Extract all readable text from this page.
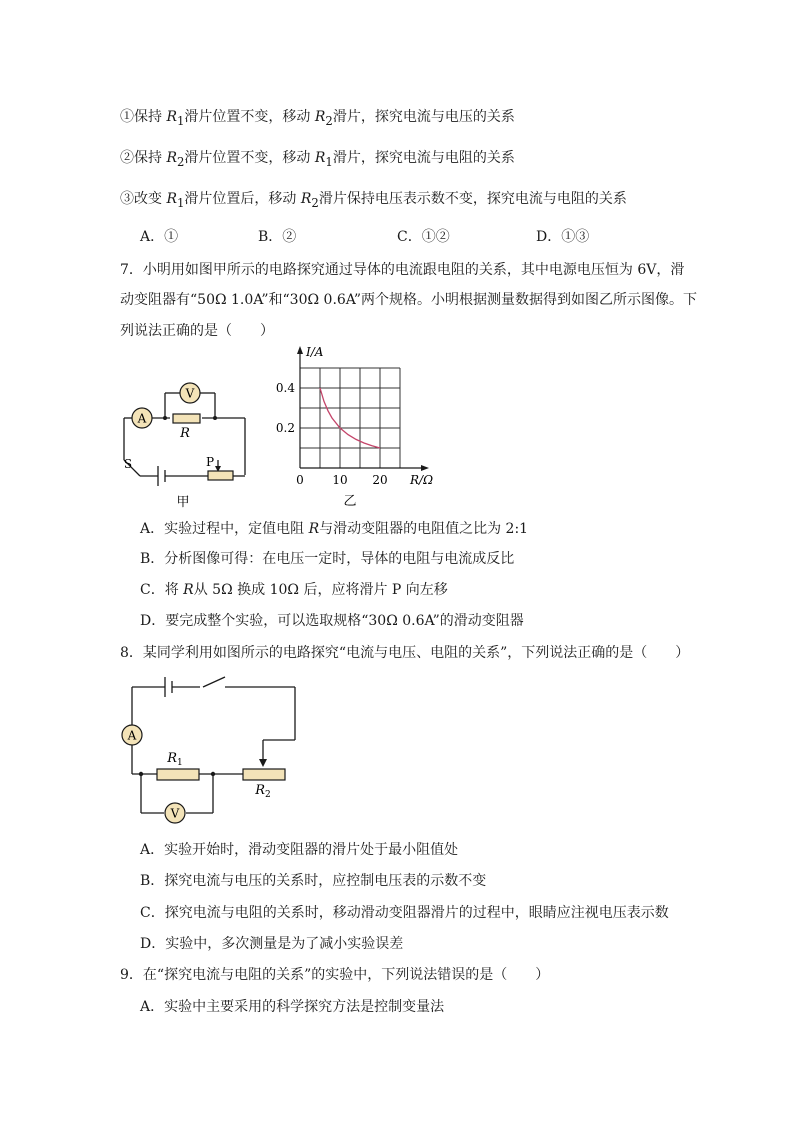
①保持 $R_1$滑片位置不变，移动 $R_2$滑片，探究电流与电压的关系
②保持 $R_2$滑片位置不变，移动 $R_1$滑片，探究电流与电阻的关系
③改变 $R_1$滑片位置后，移动 $R_2$滑片保持电压表示数不变，探究电流与电阻的关系
A．①	B．②	C．①②	D．①③
7．小明用如图甲所示的电路探究通过导体的电流跟电阻的关系，其中电源电压恒为 6V，滑
动变阻器有“50Ω 1.0A”和“30Ω 0.6A”两个规格。小明根据测量数据得到如图乙所示图像。下
列说法正确的是（　　）
A
V
R
P
S
甲
0 10 20
0.2
0.4
I/A
R/Ω
乙
A．实验过程中，定值电阻 R与滑动变阻器的电阻值之比为 2:1
B．分析图像可得：在电压一定时，导体的电阻与电流成反比
C．将 R从 5Ω 换成 10Ω 后，应将滑片 P 向左移
D．要完成整个实验，可以选取规格“30Ω 0.6A”的滑动变阻器
8．某同学利用如图所示的电路探究“电流与电压、电阻的关系”，下列说法正确的是（　　）
A
$R_1$
$R_2$
V
A．实验开始时，滑动变阻器的滑片处于最小阻值处
B．探究电流与电压的关系时，应控制电压表的示数不变
C．探究电流与电阻的关系时，移动滑动变阻器滑片的过程中，眼睛应注视电压表示数
D．实验中，多次测量是为了减小实验误差
9．在“探究电流与电阻的关系”的实验中，下列说法错误的是（　　）
A．实验中主要采用的科学探究方法是控制变量法
